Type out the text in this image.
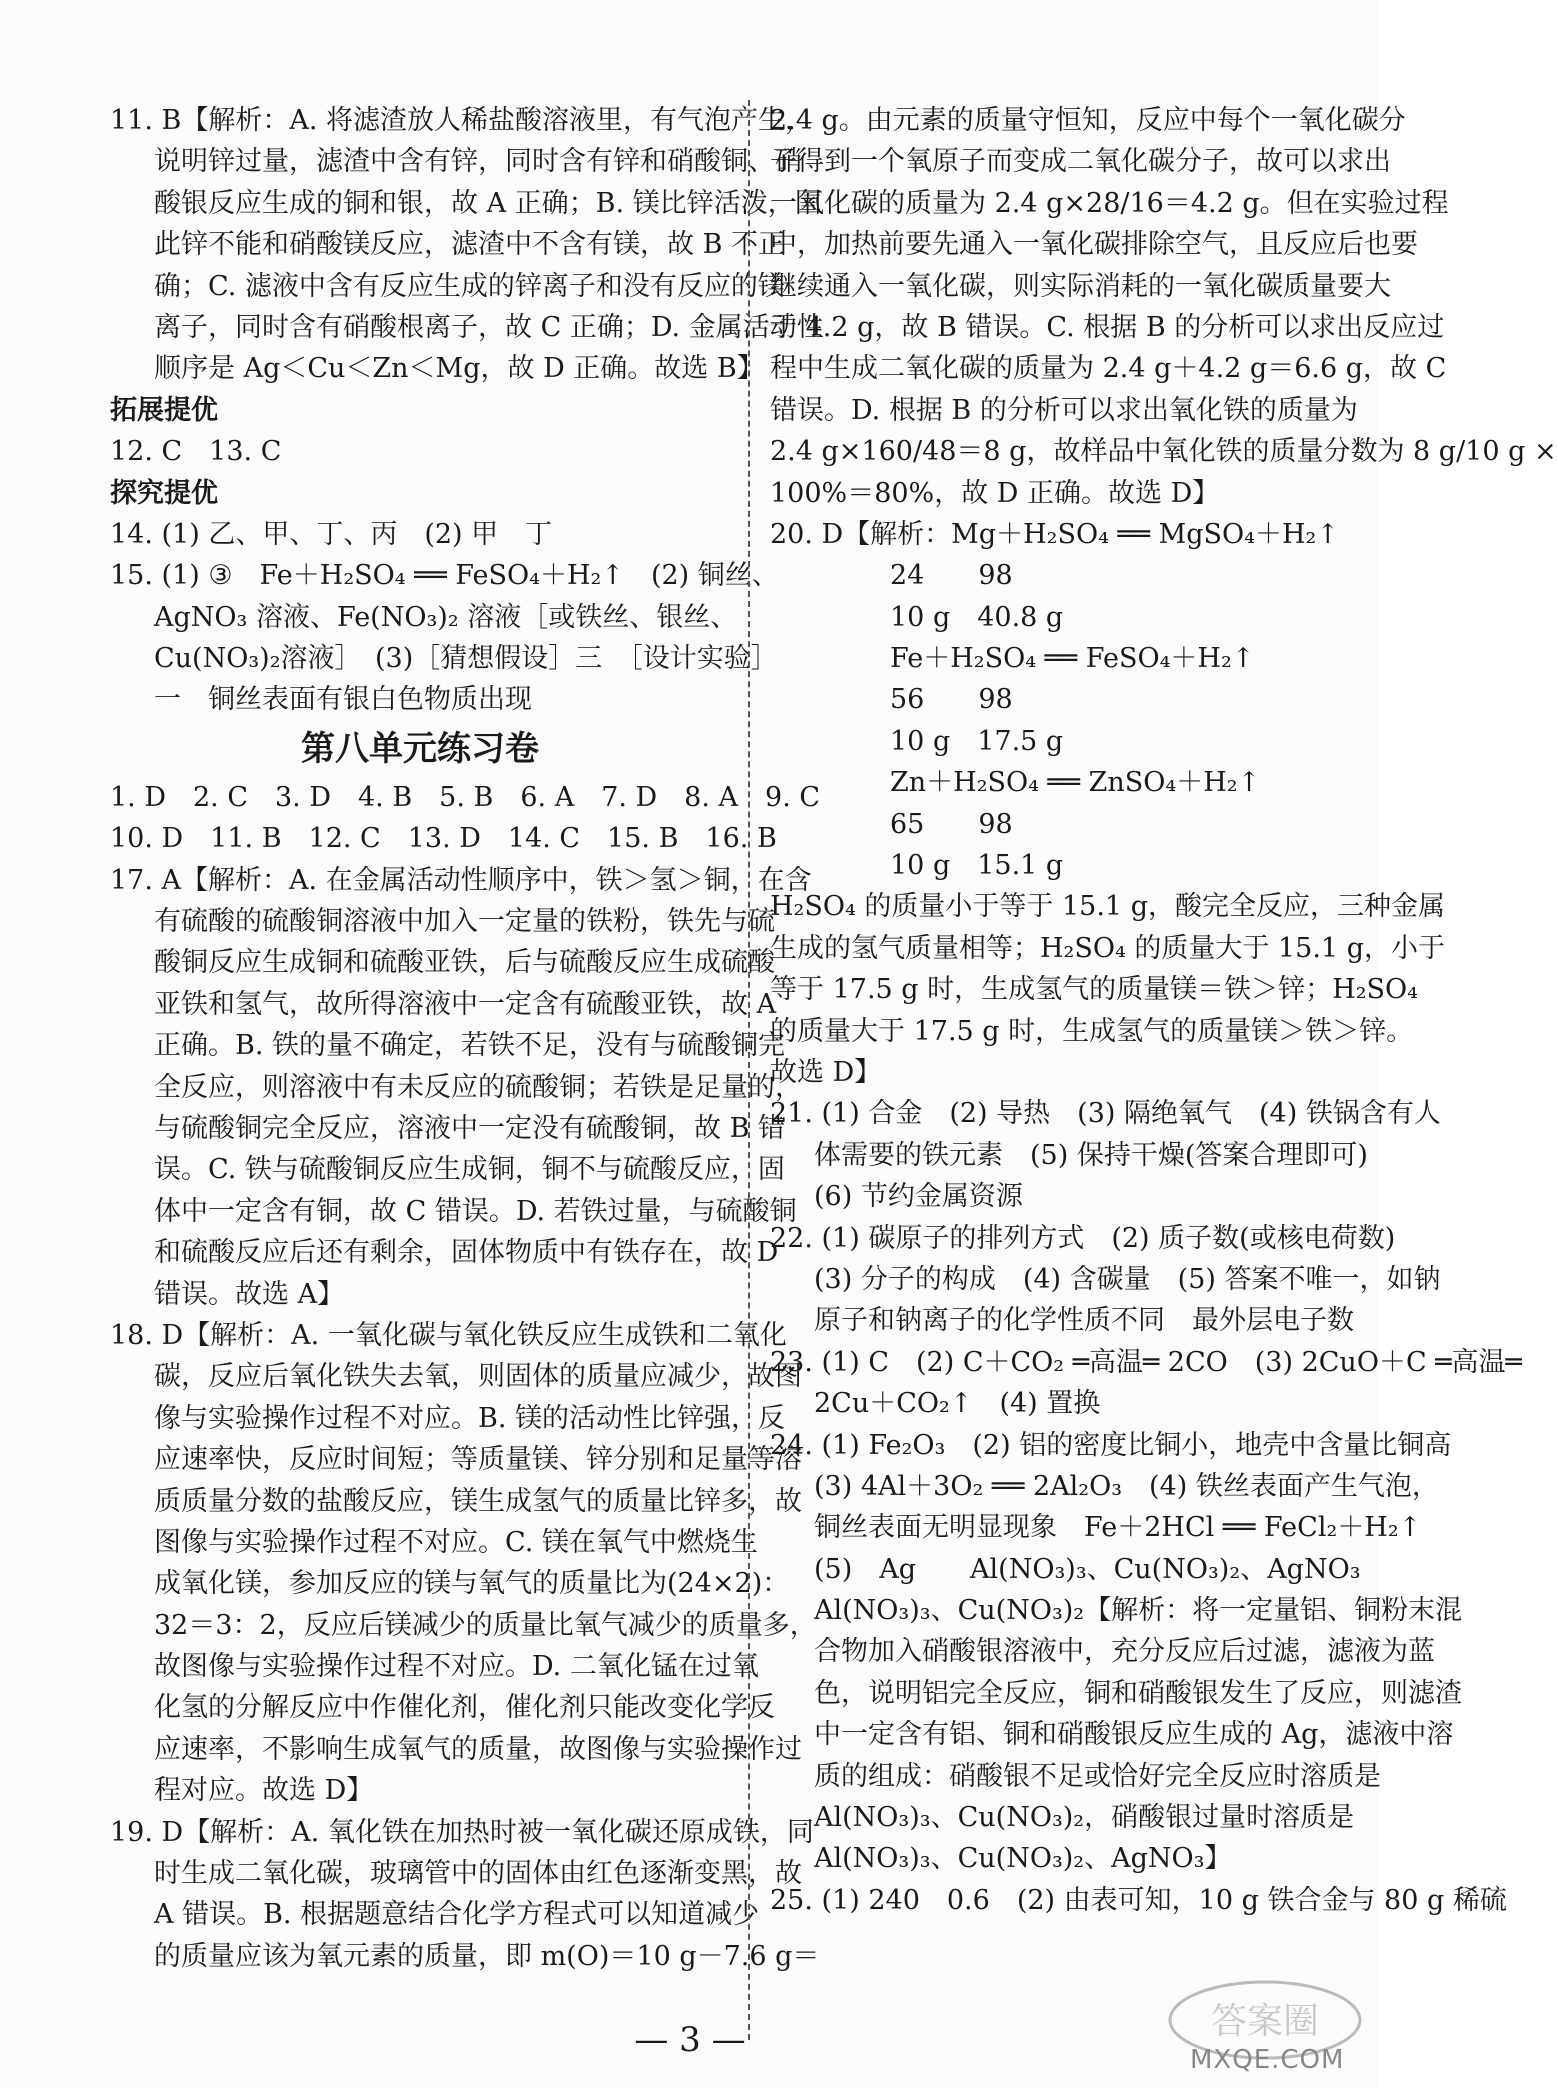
11. B【解析：A. 将滤渣放人稀盐酸溶液里，有气泡产生，
说明锌过量，滤渣中含有锌，同时含有锌和硝酸铜、硝
酸银反应生成的铜和银，故 A 正确；B. 镁比锌活泼，因
此锌不能和硝酸镁反应，滤渣中不含有镁，故 B 不正
确；C. 滤液中含有反应生成的锌离子和没有反应的镁
离子，同时含有硝酸根离子，故 C 正确；D. 金属活动性
顺序是 Ag＜Cu＜Zn＜Mg，故 D 正确。故选 B】
拓展提优
12. C　13. C
探究提优
14. (1) 乙、甲、丁、丙　(2) 甲　丁
15. (1) ③　Fe＋H₂SO₄ ══ FeSO₄＋H₂↑　(2) 铜丝、
AgNO₃ 溶液、Fe(NO₃)₂ 溶液［或铁丝、银丝、
Cu(NO₃)₂溶液］　(3)［猜想假设］三　［设计实验］
一　铜丝表面有银白色物质出现
第八单元练习卷
1. D　2. C　3. D　4. B　5. B　6. A　7. D　8. A　9. C
10. D　11. B　12. C　13. D　14. C　15. B　16. B
17. A【解析：A. 在金属活动性顺序中，铁＞氢＞铜，在含
有硫酸的硫酸铜溶液中加入一定量的铁粉，铁先与硫
酸铜反应生成铜和硫酸亚铁，后与硫酸反应生成硫酸
亚铁和氢气，故所得溶液中一定含有硫酸亚铁，故 A
正确。B. 铁的量不确定，若铁不足，没有与硫酸铜完
全反应，则溶液中有未反应的硫酸铜；若铁是足量的，
与硫酸铜完全反应，溶液中一定没有硫酸铜，故 B 错
误。C. 铁与硫酸铜反应生成铜，铜不与硫酸反应，固
体中一定含有铜，故 C 错误。D. 若铁过量，与硫酸铜
和硫酸反应后还有剩余，固体物质中有铁存在，故 D
错误。故选 A】
18. D【解析：A. 一氧化碳与氧化铁反应生成铁和二氧化
碳，反应后氧化铁失去氧，则固体的质量应减少，故图
像与实验操作过程不对应。B. 镁的活动性比锌强，反
应速率快，反应时间短；等质量镁、锌分别和足量等溶
质质量分数的盐酸反应，镁生成氢气的质量比锌多，故
图像与实验操作过程不对应。C. 镁在氧气中燃烧生
成氧化镁，参加反应的镁与氧气的质量比为(24×2)：
32＝3：2，反应后镁减少的质量比氧气减少的质量多，
故图像与实验操作过程不对应。D. 二氧化锰在过氧
化氢的分解反应中作催化剂，催化剂只能改变化学反
应速率，不影响生成氧气的质量，故图像与实验操作过
程对应。故选 D】
19. D【解析：A. 氧化铁在加热时被一氧化碳还原成铁，同
时生成二氧化碳，玻璃管中的固体由红色逐渐变黑，故
A 错误。B. 根据题意结合化学方程式可以知道减少
的质量应该为氧元素的质量，即 m(O)＝10 g－7.6 g＝
2.4 g。由元素的质量守恒知，反应中每个一氧化碳分
子得到一个氧原子而变成二氧化碳分子，故可以求出
一氧化碳的质量为 2.4 g×28/16＝4.2 g。但在实验过程
中，加热前要先通入一氧化碳排除空气，且反应后也要
继续通入一氧化碳，则实际消耗的一氧化碳质量要大
于 4.2 g，故 B 错误。C. 根据 B 的分析可以求出反应过
程中生成二氧化碳的质量为 2.4 g＋4.2 g＝6.6 g，故 C
错误。D. 根据 B 的分析可以求出氧化铁的质量为
2.4 g×160/48＝8 g，故样品中氧化铁的质量分数为 8 g/10 g ×
100%＝80%，故 D 正确。故选 D】
20. D【解析：Mg＋H₂SO₄ ══ MgSO₄＋H₂↑
24　　98
10 g　40.8 g
Fe＋H₂SO₄ ══ FeSO₄＋H₂↑
56　　98
10 g　17.5 g
Zn＋H₂SO₄ ══ ZnSO₄＋H₂↑
65　　98
10 g　15.1 g
H₂SO₄ 的质量小于等于 15.1 g，酸完全反应，三种金属
生成的氢气质量相等；H₂SO₄ 的质量大于 15.1 g，小于
等于 17.5 g 时，生成氢气的质量镁＝铁＞锌；H₂SO₄
的质量大于 17.5 g 时，生成氢气的质量镁＞铁＞锌。
故选 D】
21. (1) 合金　(2) 导热　(3) 隔绝氧气　(4) 铁锅含有人
体需要的铁元素　(5) 保持干燥(答案合理即可)
(6) 节约金属资源
22. (1) 碳原子的排列方式　(2) 质子数(或核电荷数)
(3) 分子的构成　(4) 含碳量　(5) 答案不唯一，如钠
原子和钠离子的化学性质不同　最外层电子数
23. (1) C　(2) C＋CO₂ ═高温═ 2CO　(3) 2CuO＋C ═高温═
2Cu＋CO₂↑　(4) 置换
24. (1) Fe₂O₃　(2) 铝的密度比铜小，地壳中含量比铜高
(3) 4Al＋3O₂ ══ 2Al₂O₃　(4) 铁丝表面产生气泡，
铜丝表面无明显现象　Fe＋2HCl ══ FeCl₂＋H₂↑
(5)　Ag　　Al(NO₃)₃、Cu(NO₃)₂、AgNO₃
Al(NO₃)₃、Cu(NO₃)₂【解析：将一定量铝、铜粉末混
合物加入硝酸银溶液中，充分反应后过滤，滤液为蓝
色，说明铝完全反应，铜和硝酸银发生了反应，则滤渣
中一定含有铝、铜和硝酸银反应生成的 Ag，滤液中溶
质的组成：硝酸银不足或恰好完全反应时溶质是
Al(NO₃)₃、Cu(NO₃)₂，硝酸银过量时溶质是
Al(NO₃)₃、Cu(NO₃)₂、AgNO₃】
25. (1) 240　0.6　(2) 由表可知，10 g 铁合金与 80 g 稀硫
— 3 —	答案圈
MXQE.COM
